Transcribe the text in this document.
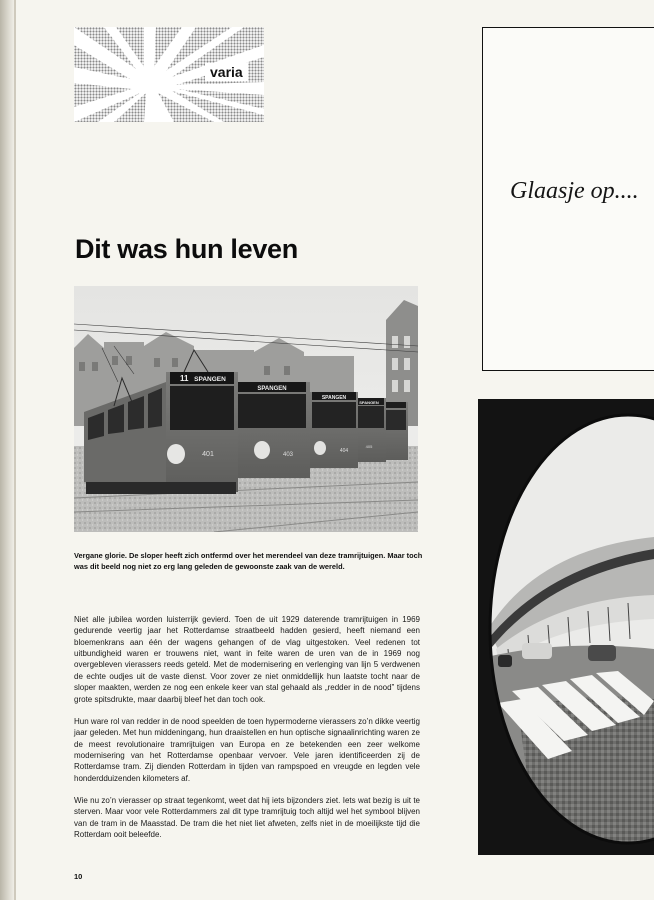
varia
Dit was hun leven
SPANGEN
405
SPANGEN
404
SPANGEN
403
11 SPANGEN
401

Vergane glorie. De sloper heeft zich ontfermd over het merendeel van deze tramrijtuigen. Maar toch was dit beeld nog niet zo erg lang geleden de gewoonste zaak van de wereld.

Niet alle jubilea worden luisterrijk gevierd. Toen de uit 1929 daterende tramrijtuigen in 1969 gedurende veertig jaar het Rotterdamse straatbeeld hadden gesierd, heeft niemand een bloemenkrans aan één der wagens gehangen of de vlag uitgestoken. Veel redenen tot uitbundigheid waren er trouwens niet, want in feite waren de uren van de in 1969 nog overgebleven vierassers reeds geteld. Met de modernisering en verlenging van lijn 5 verdwenen de echte oudjes uit de vaste dienst. Voor zover ze niet onmiddellijk hun laatste tocht naar de sloper maakten, werden ze nog een enkele keer van stal gehaald als „redder in de nood” tijdens grote spitsdrukte, maar daarbij bleef het dan toch ook.

Hun ware rol van redder in de nood speelden de toen hypermoderne vierassers zo’n dikke veertig jaar geleden. Met hun middeningang, hun draaistellen en hun optische signaalinrichting waren ze de meest revolutionaire tramrijtuigen van Europa en ze betekenden een zeer welkome modernisering van het Rotterdamse openbaar vervoer. Vele jaren identificeerden zij de Rotterdamse tram. Zij dienden Rotterdam in tijden van rampspoed en vreugde en legden vele honderdduizenden kilometers af.

Wie nu zo’n vierasser op straat tegenkomt, weet dat hij iets bijzonders ziet. Iets wat bezig is uit te sterven. Maar voor vele Rotterdammers zal dit type tramrijtuig toch altijd wel het symbool blijven van de tram in de Maasstad. De tram die het niet liet afweten, zelfs niet in de moeilijkste tijd die Rotterdam ooit beleefde.

10
Glaasje op....
